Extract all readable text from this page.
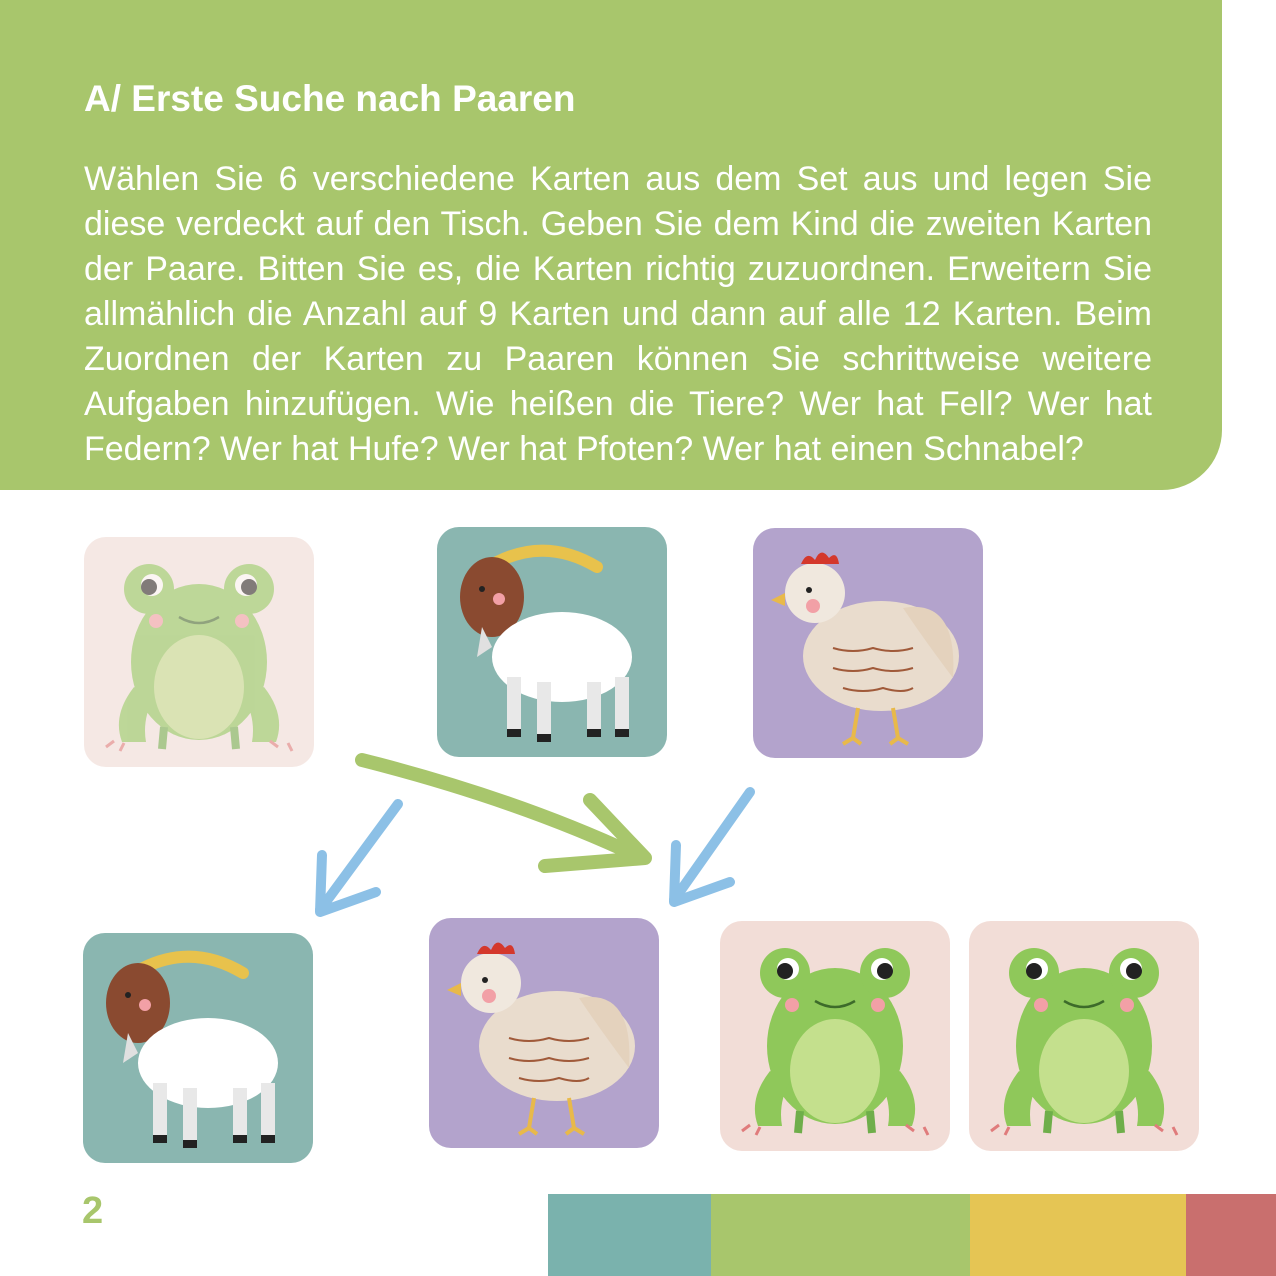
A/ Erste Suche nach Paaren

Wählen Sie 6 verschiedene Karten aus dem Set aus und legen Sie diese verdeckt auf den Tisch. Geben Sie dem Kind die zweiten Karten der Paare. Bitten Sie es, die Karten richtig zuzuordnen. Erweitern Sie allmählich die Anzahl auf 9 Karten und dann auf alle 12 Karten. Beim Zuordnen der Karten zu Paaren können Sie schrittweise weitere Aufgaben hinzufügen. Wie heißen die Tiere? Wer hat Fell? Wer hat Federn? Wer hat Hufe? Wer hat Pfoten? Wer hat einen Schnabel?

2
